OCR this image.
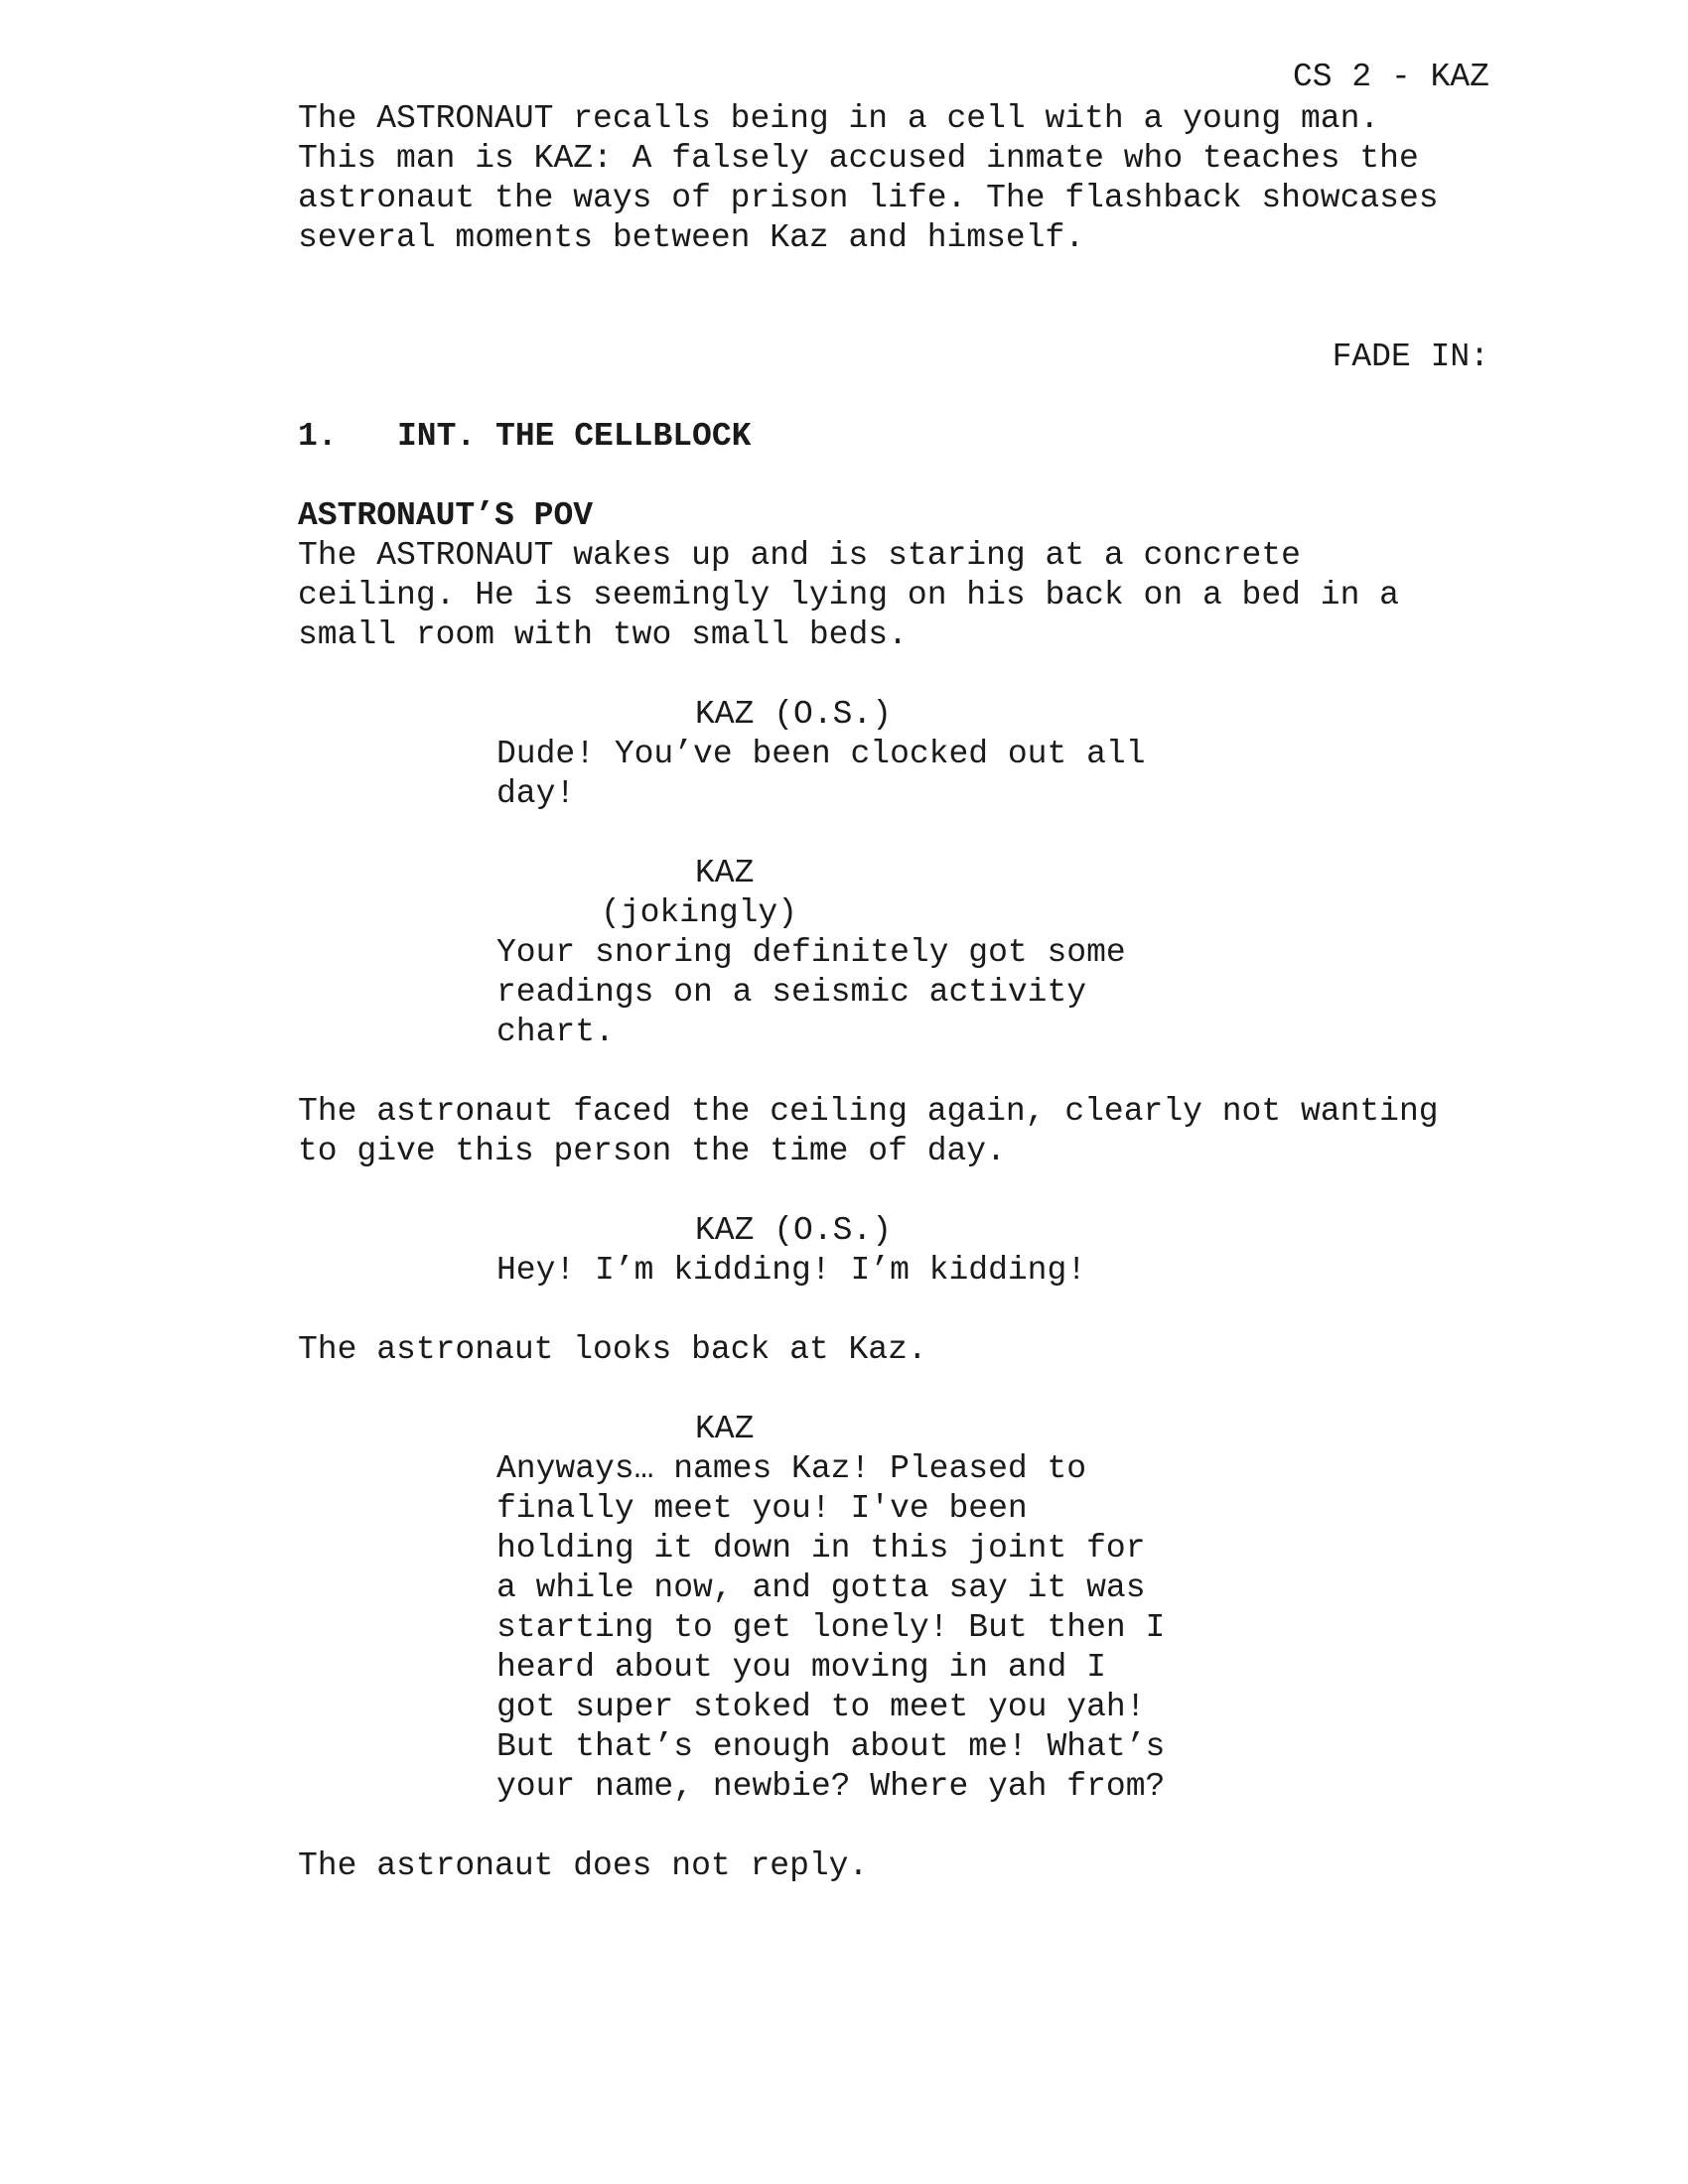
CS 2 - KAZ
The ASTRONAUT recalls being in a cell with a young man.
This man is KAZ: A falsely accused inmate who teaches the
astronaut the ways of prison life. The flashback showcases
several moments between Kaz and himself.
FADE IN:
1. INT. THE CELLBLOCK
ASTRONAUT’S POV
The ASTRONAUT wakes up and is staring at a concrete
ceiling. He is seemingly lying on his back on a bed in a
small room with two small beds.
KAZ (O.S.)
Dude! You’ve been clocked out all
day!
KAZ
(jokingly)
Your snoring definitely got some
readings on a seismic activity
chart.
The astronaut faced the ceiling again, clearly not wanting
to give this person the time of day.
KAZ (O.S.)
Hey! I’m kidding! I’m kidding!
The astronaut looks back at Kaz.
KAZ
Anyways… names Kaz! Pleased to
finally meet you! I've been
holding it down in this joint for
a while now, and gotta say it was
starting to get lonely! But then I
heard about you moving in and I
got super stoked to meet you yah!
But that’s enough about me! What’s
your name, newbie? Where yah from?
The astronaut does not reply.
